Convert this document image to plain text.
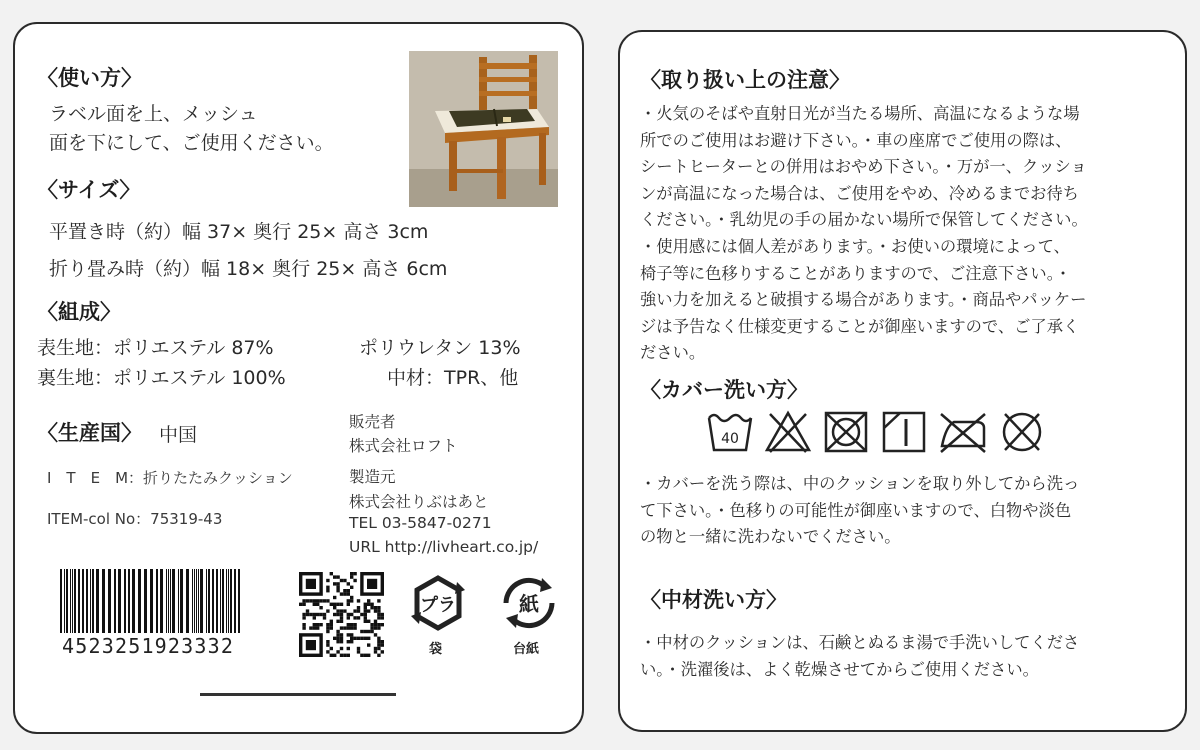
〈使い方〉
ラベル面を上、メッシュ
面を下にして、ご使用ください。
〈サイズ〉
平置き時（約）幅 37× 奥行 25× 高さ 3cm
折り畳み時（約）幅 18× 奥行 25× 高さ 6cm
〈組成〉
表生地：ポリエステル 87%	ポリウレタン 13%
裏生地：ポリエステル 100%	中材：TPR、他
〈生産国〉 中国
販売者
株式会社ロフト
I　T　E　M：折りたたみクッション	製造元
株式会社りぶはあと
ITEM-col No：75319-43	TEL 03-5847-0271
URL http://livheart.co.jp/
4523251923332
プラ
袋
紙
台紙
〈取り扱い上の注意〉
・火気のそばや直射日光が当たる場所、高温になるような場
所でのご使用はお避け下さい。・車の座席でご使用の際は、
シートヒーターとの併用はおやめ下さい。・万が一、クッショ
ンが高温になった場合は、ご使用をやめ、冷めるまでお待ち
ください。・乳幼児の手の届かない場所で保管してください。
・使用感には個人差があります。・お使いの環境によって、
椅子等に色移りすることがありますので、ご注意下さい。・
強い力を加えると破損する場合があります。・商品やパッケー
ジは予告なく仕様変更することが御座いますので、ご了承く
ださい。
〈カバー洗い方〉
40
・カバーを洗う際は、中のクッションを取り外してから洗っ
て下さい。・色移りの可能性が御座いますので、白物や淡色
の物と一緒に洗わないでください。
〈中材洗い方〉
・中材のクッションは、石鹸とぬるま湯で手洗いしてくださ
い。・洗濯後は、よく乾燥させてからご使用ください。
